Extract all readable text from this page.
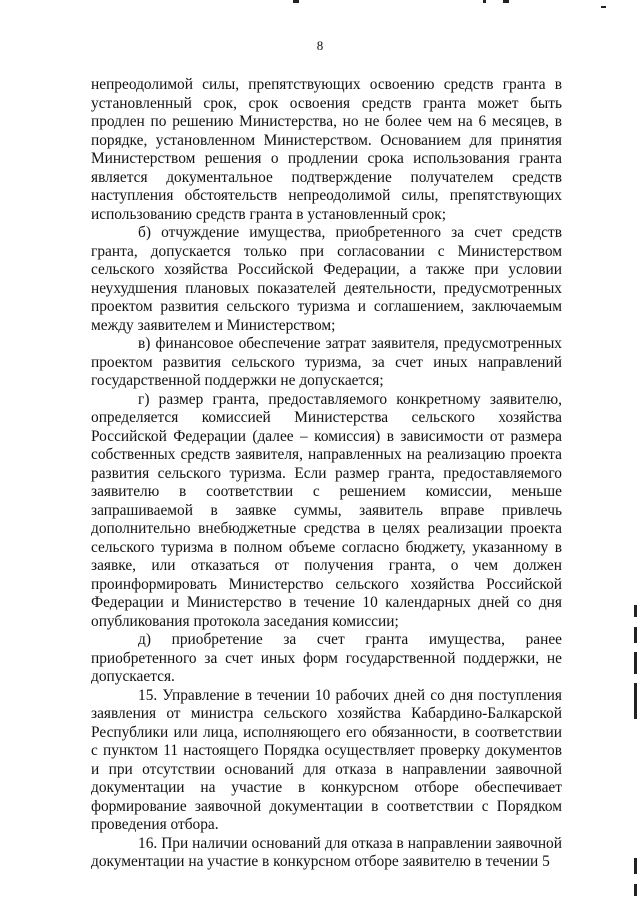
8

непреодолимой силы, препятствующих освоению средств гранта в установленный срок, срок освоения средств гранта может быть продлен по решению Министерства, но не более чем на 6 месяцев, в порядке, установленном Министерством. Основанием для принятия Министерством решения о продлении срока использования гранта является документальное подтверждение получателем средств наступления обстоятельств непреодолимой силы, препятствующих использованию средств гранта в установленный срок;

б) отчуждение имущества, приобретенного за счет средств гранта, допускается только при согласовании с Министерством сельского хозяйства Российской Федерации, а также при условии неухудшения плановых показателей деятельности, предусмотренных проектом развития сельского туризма и соглашением, заключаемым между заявителем и Министерством;

в) финансовое обеспечение затрат заявителя, предусмотренных проектом развития сельского туризма, за счет иных направлений государственной поддержки не допускается;

г) размер гранта, предоставляемого конкретному заявителю, определяется комиссией Министерства сельского хозяйства Российской Федерации (далее – комиссия) в зависимости от размера собственных средств заявителя, направленных на реализацию проекта развития сельского туризма. Если размер гранта, предоставляемого заявителю в соответствии с решением комиссии, меньше запрашиваемой в заявке суммы, заявитель вправе привлечь дополнительно внебюджетные средства в целях реализации проекта сельского туризма в полном объеме согласно бюджету, указанному в заявке, или отказаться от получения гранта, о чем должен проинформировать Министерство сельского хозяйства Российской Федерации и Министерство в течение 10 календарных дней со дня опубликования протокола заседания комиссии;

д) приобретение за счет гранта имущества, ранее приобретенного за счет иных форм государственной поддержки, не допускается.

15. Управление в течении 10 рабочих дней со дня поступления заявления от министра сельского хозяйства Кабардино-Балкарской Республики или лица, исполняющего его обязанности, в соответствии с пунктом 11 настоящего Порядка осуществляет проверку документов и при отсутствии оснований для отказа в направлении заявочной документации на участие в конкурсном отборе обеспечивает формирование заявочной документации в соответствии с Порядком проведения отбора.

16. При наличии оснований для отказа в направлении заявочной документации на участие в конкурсном отборе заявителю в течении 5
